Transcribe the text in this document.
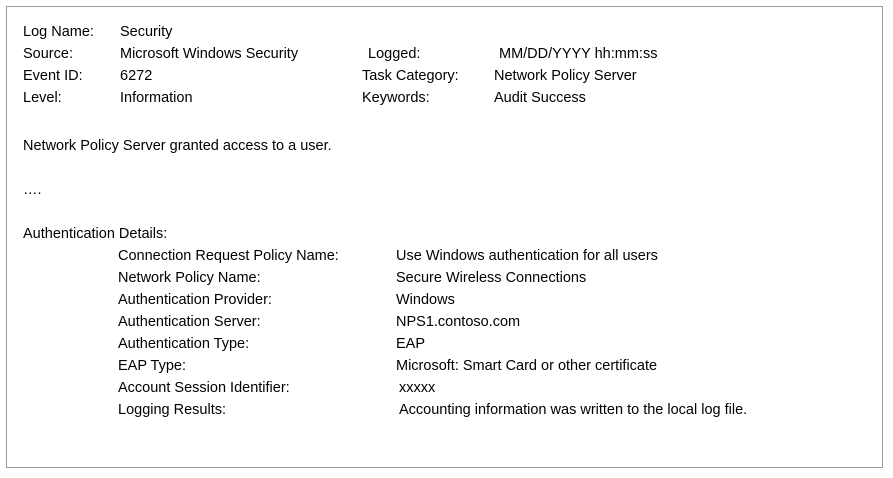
Log Name: Security
Source:	Microsoft Windows Security	Logged:	MM/DD/YYYY hh:mm:ss
Event ID:	6272	Task Category: Network Policy Server
Level:	Information	Keywords:	Audit Success
Network Policy Server granted access to a user.
….
Authentication Details:
Connection Request Policy Name:	Use Windows authentication for all users
Network Policy Name:	Secure Wireless Connections
Authentication Provider:	Windows
Authentication Server:	NPS1.contoso.com
Authentication Type:	EAP
EAP Type:	Microsoft: Smart Card or other certificate
Account Session Identifier:	xxxxx
Logging Results:	Accounting information was written to the local log file.
